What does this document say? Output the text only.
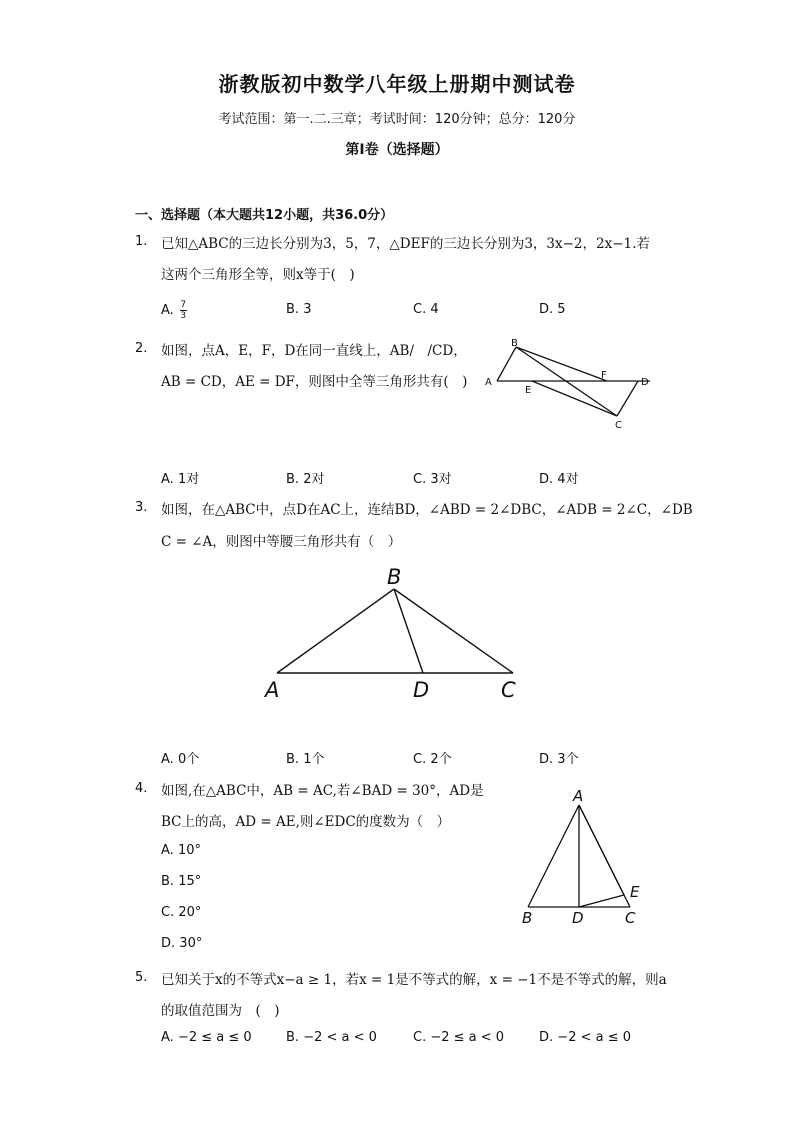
浙教版初中数学八年级上册期中测试卷
考试范围：第一.二.三章；考试时间：120分钟；总分：120分
第I卷（选择题）
一、选择题（本大题共12小题，共36.0分）
1. 已知△ABC的三边长分别为3，5，7，△DEF的三边长分别为3，3x−2，2x−1.若
这两个三角形全等，则x等于(　)
A. $\frac{7}{3}$	B. 3	C. 4	D. 5
2. 如图，点A，E，F，D在同一直线上，AB/　/CD，
AB = CD，AE = DF，则图中全等三角形共有(　) A
B
E
F
D
C
A. 1对	B. 2对	C. 3对	D. 4对
3. 如图，在△ABC中，点D在AC上，连结BD，∠ABD = 2∠DBC，∠ADB = 2∠C，∠DB
C = ∠A，则图中等腰三角形共有（　）
A
B
D	C
A. 0个	B. 1个	C. 2个	D. 3个
4. 如图,在△ABC中，AB = AC,若∠BAD = 30°，AD是
BC上的高，AD = AE,则∠EDC的度数为（　）
A. 10°
B. 15°
C. 20°
D. 30°
A
B	D	C
E
5. 已知关于x的不等式x−a ≥ 1，若x = 1是不等式的解，x = −1不是不等式的解，则a
的取值范围为　(　)
A. −2 ≤ a ≤ 0	B. −2 < a < 0	C. −2 ≤ a < 0	D. −2 < a ≤ 0
